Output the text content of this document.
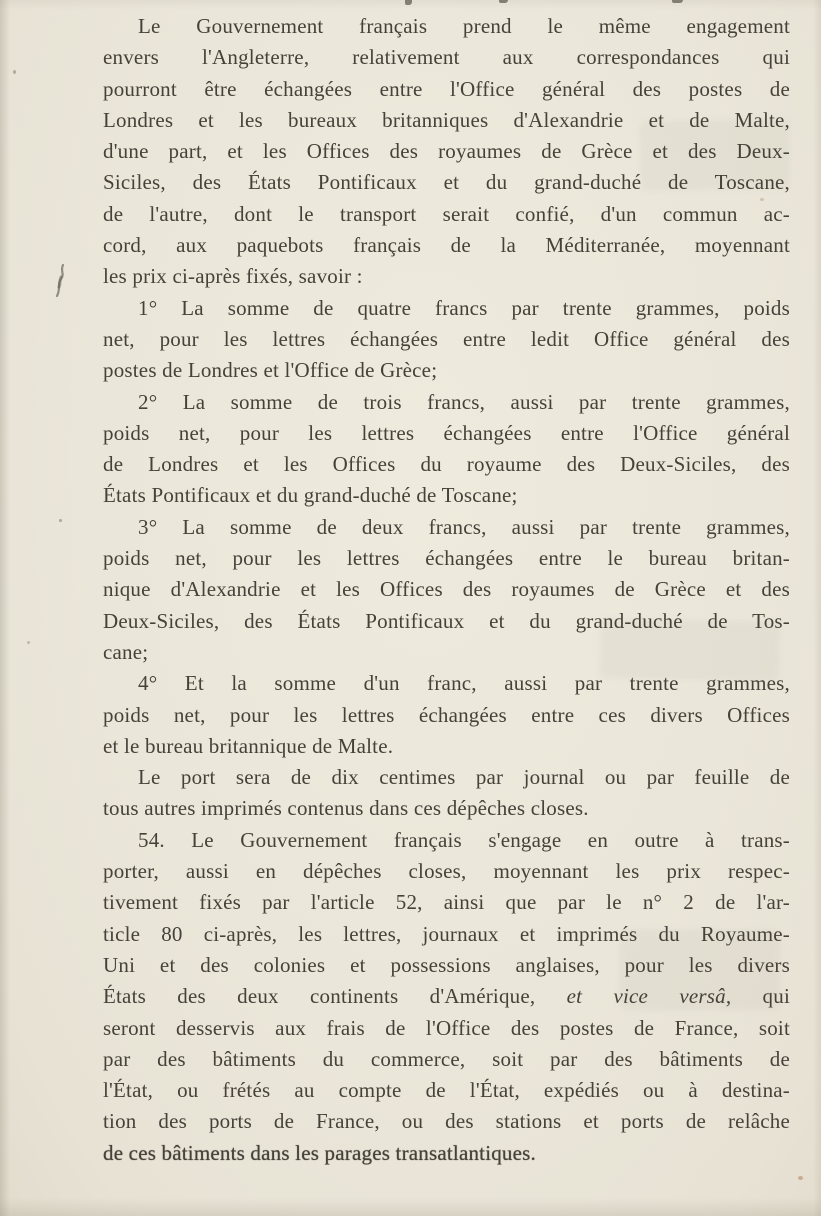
Le Gouvernement français prend le même engagement
envers l'Angleterre, relativement aux correspondances qui
pourront être échangées entre l'Office général des postes de
Londres et les bureaux britanniques d'Alexandrie et de Malte,
d'une part, et les Offices des royaumes de Grèce et des Deux-
Siciles, des États Pontificaux et du grand-duché de Toscane,
de l'autre, dont le transport serait confié, d'un commun ac-
cord, aux paquebots français de la Méditerranée, moyennant
les prix ci-après fixés, savoir :
1° La somme de quatre francs par trente grammes, poids
net, pour les lettres échangées entre ledit Office général des
postes de Londres et l'Office de Grèce;
2° La somme de trois francs, aussi par trente grammes,
poids net, pour les lettres échangées entre l'Office général
de Londres et les Offices du royaume des Deux-Siciles, des
États Pontificaux et du grand-duché de Toscane;
3° La somme de deux francs, aussi par trente grammes,
poids net, pour les lettres échangées entre le bureau britan-
nique d'Alexandrie et les Offices des royaumes de Grèce et des
Deux-Siciles, des États Pontificaux et du grand-duché de Tos-
cane;
4° Et la somme d'un franc, aussi par trente grammes,
poids net, pour les lettres échangées entre ces divers Offices
et le bureau britannique de Malte.
Le port sera de dix centimes par journal ou par feuille de
tous autres imprimés contenus dans ces dépêches closes.
54. Le Gouvernement français s'engage en outre à trans-
porter, aussi en dépêches closes, moyennant les prix respec-
tivement fixés par l'article 52, ainsi que par le n° 2 de l'ar-
ticle 80 ci-après, les lettres, journaux et imprimés du Royaume-
Uni et des colonies et possessions anglaises, pour les divers
États des deux continents d'Amérique, et vice versâ, qui
seront desservis aux frais de l'Office des postes de France, soit
par des bâtiments du commerce, soit par des bâtiments de
l'État, ou frétés au compte de l'État, expédiés ou à destina-
tion des ports de France, ou des stations et ports de relâche
de ces bâtiments dans les parages transatlantiques.
